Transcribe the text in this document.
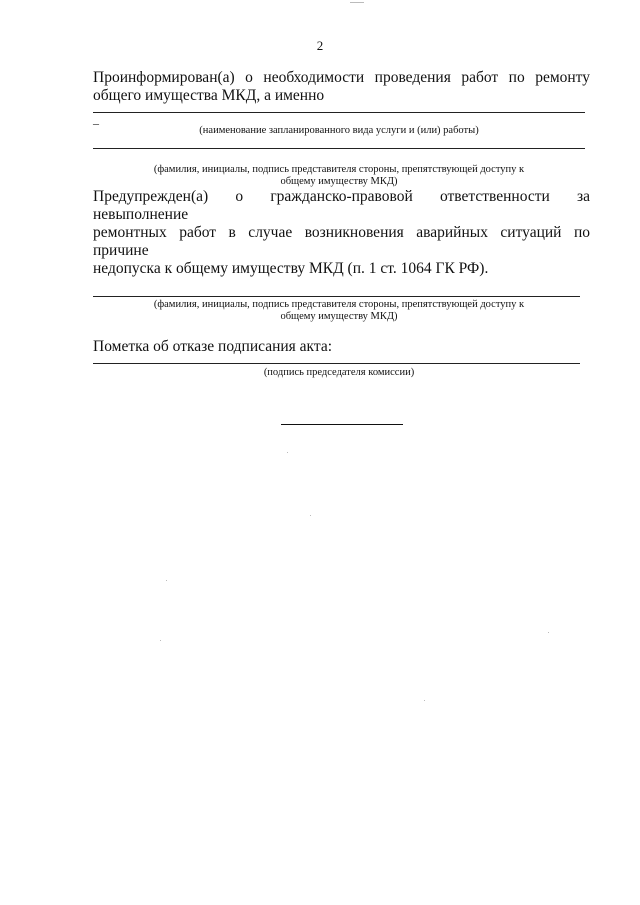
2
Проинформирован(а) о необходимости проведения работ по ремонту
общего имущества МКД, а именно
–
(наименование запланированного вида услуги и (или) работы)
(фамилия, инициалы, подпись представителя стороны, препятствующей доступу к
общему имуществу МКД)
Предупрежден(а) о гражданско-правовой ответственности за
невыполнение
ремонтных работ в случае возникновения аварийных ситуаций по
причине
недопуска к общему имуществу МКД (п. 1 ст. 1064 ГК РФ).
(фамилия, инициалы, подпись представителя стороны, препятствующей доступу к
общему имуществу МКД)
Пометка об отказе подписания акта:
(подпись председателя комиссии)
